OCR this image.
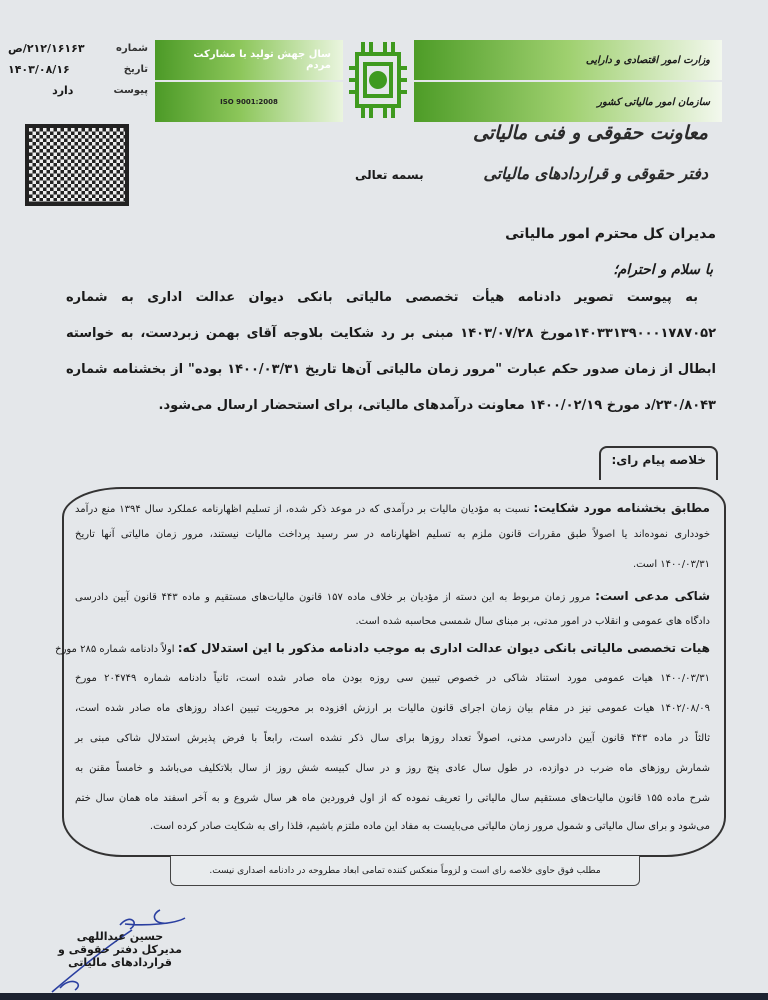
شماره
۲۱۲/۱۶۱۶۳/ص
تاریخ
۱۴۰۳/۰۸/۱۶
پیوست
دارد
وزارت امور اقتصادی و دارایی
سازمان امور مالیاتی کشور
سال جهش تولید با مشارکت مردم
ISO 9001:2008
معاونت حقوقی و فنی مالیاتی
دفتر حقوقی و قراردادهای مالیاتی
بسمه تعالی
مدیران کل محترم امور مالیاتی
با سلام و احترام؛
به پیوست تصویر دادنامه هیأت تخصصی مالیاتی بانکی دیوان عدالت اداری به شماره
۱۴۰۳۳۱۳۹۰۰۰۱۷۸۷۰۵۲مورخ ۱۴۰۳/۰۷/۲۸ مبنی بر رد شکایت بلاوجه آقای بهمن زبردست، به خواسته
ابطال از زمان صدور حکم عبارت "مرور زمان مالیاتی آن‌ها تاریخ ۱۴۰۰/۰۳/۳۱ بوده" از بخشنامه شماره
۲۳۰/۸۰۴۳/د مورخ ۱۴۰۰/۰۲/۱۹ معاونت درآمدهای مالیاتی، برای استحضار ارسال می‌شود.
خلاصه پیام رای:
مطابق بخشنامه مورد شکایت: نسبت به مؤدیان مالیات بر درآمدی که در موعد ذکر شده، از تسلیم اظهارنامه عملکرد سال ۱۳۹۴ منع درآمد
خودداری نموده‌اند یا اصولاً طبق مقررات قانون ملزم به تسلیم اظهارنامه در سر رسید پرداخت مالیات نیستند، مرور زمان مالیاتی آنها تاریخ
۱۴۰۰/۰۳/۳۱ است.
شاکی مدعی است: مرور زمان مربوط به این دسته از مؤدیان بر خلاف ماده ۱۵۷ قانون مالیات‌های مستقیم و ماده ۴۴۳ قانون آیین دادرسی
دادگاه های عمومی و انقلاب در امور مدنی، بر مبنای سال شمسی محاسبه شده است.
هیات تخصصی مالیاتی بانکی دیوان عدالت اداری به موجب دادنامه مذکور با این استدلال که: اولاً دادنامه شماره ۲۸۵ مورخ
۱۴۰۰/۰۳/۳۱ هیات عمومی مورد استناد شاکی در خصوص تبیین سی روزه بودن ماه صادر شده است، ثانیاً دادنامه شماره ۲۰۴۷۴۹ مورخ
۱۴۰۲/۰۸/۰۹ هیات عمومی نیز در مقام بیان زمان اجرای قانون مالیات بر ارزش افزوده بر محوریت تبیین اعداد روزهای ماه صادر شده است،
ثالثاً در ماده ۴۴۳ قانون آیین دادرسی مدنی، اصولاً تعداد روزها برای سال ذکر نشده است، رابعاً با فرض پذیرش استدلال شاکی مبنی بر
شمارش روزهای ماه ضرب در دوازده، در طول سال عادی پنج روز و در سال کبیسه شش روز از سال بلاتکلیف می‌باشد و خامساً مقنن به
شرح ماده ۱۵۵ قانون مالیات‌های مستقیم سال مالیاتی را تعریف نموده که از اول فروردین ماه هر سال شروع و به آخر اسفند ماه همان سال ختم
می‌شود و برای سال مالیاتی و شمول مرور زمان مالیاتی می‌بایست به مفاد این ماده ملتزم باشیم، فلذا رای به شکایت صادر کرده است.
مطلب فوق حاوی خلاصه رای است و لزوماً منعکس کننده تمامی ابعاد مطروحه در دادنامه اصداری نیست.
حسین عبداللهی
مدیرکل دفتر حقوقی و قراردادهای مالیاتی
